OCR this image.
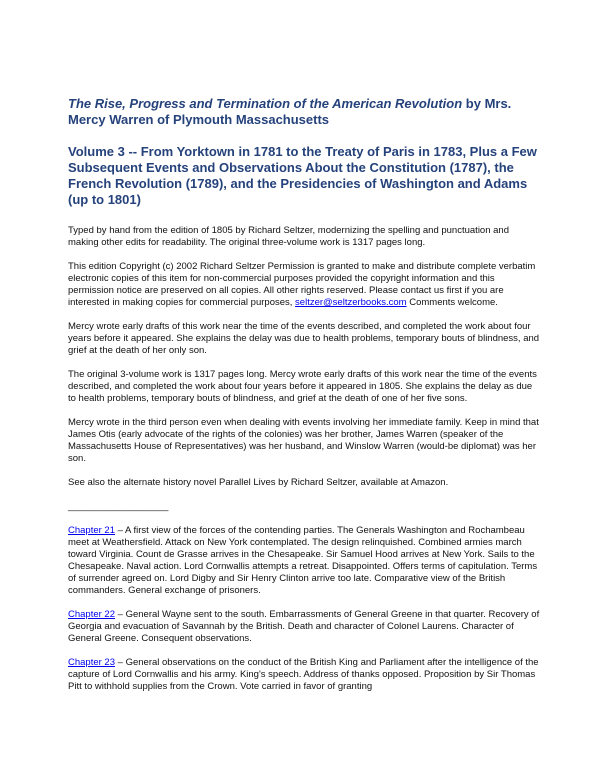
The Rise, Progress and Termination of the American Revolution by Mrs. Mercy Warren of Plymouth Massachusetts
Volume 3 -- From Yorktown in 1781 to the Treaty of Paris in 1783, Plus a Few Subsequent Events and Observations About the Constitution (1787), the French Revolution (1789), and the Presidencies of Washington and Adams (up to 1801)

Typed by hand from the edition of 1805 by Richard Seltzer, modernizing the spelling and punctuation and making other edits for readability. The original three-volume work is 1317 pages long.

This edition Copyright (c) 2002 Richard Seltzer Permission is granted to make and distribute complete verbatim electronic copies of this item for non-commercial purposes provided the copyright information and this permission notice are preserved on all copies. All other rights reserved. Please contact us first if you are interested in making copies for commercial purposes, seltzer@seltzerbooks.com Comments welcome.

Mercy wrote early drafts of this work near the time of the events described, and completed the work about four years before it appeared. She explains the delay was due to health problems, temporary bouts of blindness, and grief at the death of her only son.

The original 3-volume work is 1317 pages long. Mercy wrote early drafts of this work near the time of the events described, and completed the work about four years before it appeared in 1805. She explains the delay as due to health problems, temporary bouts of blindness, and grief at the death of one of her five sons.

Mercy wrote in the third person even when dealing with events involving her immediate family. Keep in mind that James Otis (early advocate of the rights of the colonies) was her brother, James Warren (speaker of the Massachusetts House of Representatives) was her husband, and Winslow Warren (would-be diplomat) was her son.

See also the alternate history novel Parallel Lives by Richard Seltzer, available at Amazon.

___________________

Chapter 21 – A first view of the forces of the contending parties. The Generals Washington and Rochambeau meet at Weathersfield. Attack on New York contemplated. The design relinquished. Combined armies march toward Virginia. Count de Grasse arrives in the Chesapeake. Sir Samuel Hood arrives at New York. Sails to the Chesapeake. Naval action. Lord Cornwallis attempts a retreat. Disappointed. Offers terms of capitulation. Terms of surrender agreed on. Lord Digby and Sir Henry Clinton arrive too late. Comparative view of the British commanders. General exchange of prisoners.

Chapter 22 – General Wayne sent to the south. Embarrassments of General Greene in that quarter. Recovery of Georgia and evacuation of Savannah by the British. Death and character of Colonel Laurens. Character of General Greene. Consequent observations.

Chapter 23 – General observations on the conduct of the British King and Parliament after the intelligence of the capture of Lord Cornwallis and his army. King's speech. Address of thanks opposed. Proposition by Sir Thomas Pitt to withhold supplies from the Crown. Vote carried in favor of granting
